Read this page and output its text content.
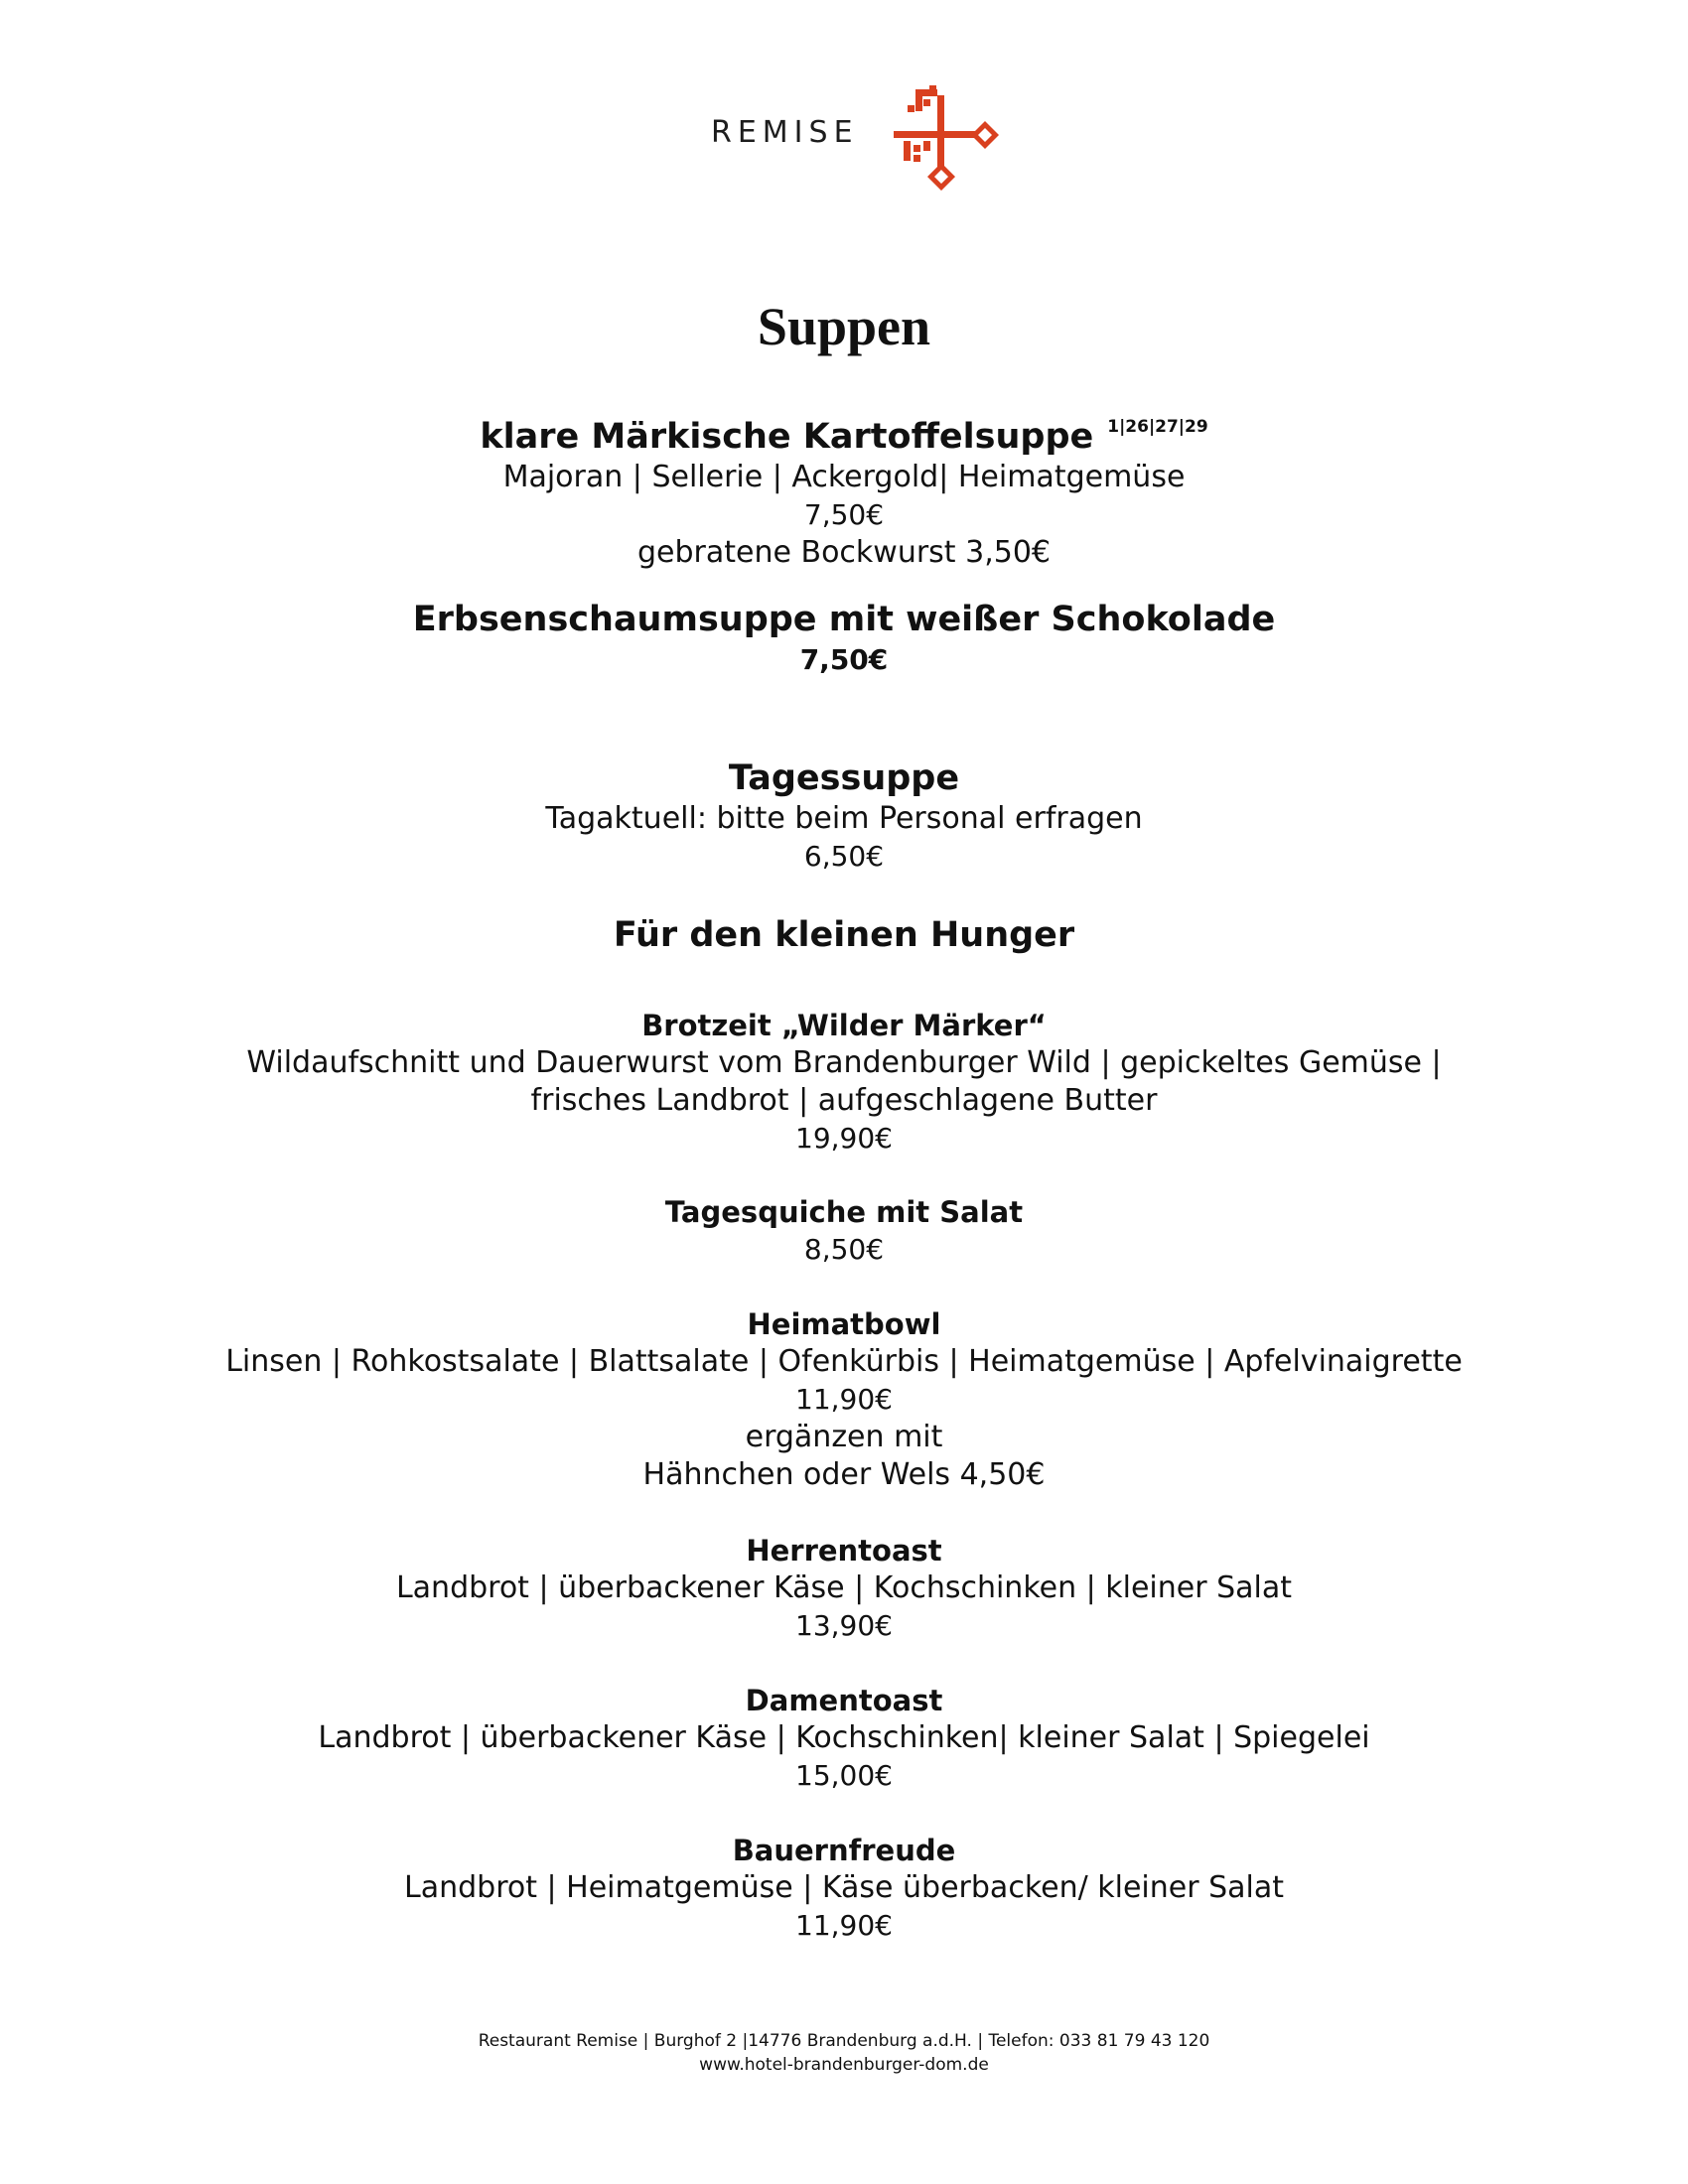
REMISE
Suppen
klare Märkische Kartoffelsuppe $^{1|26|27|29}$
Majoran | Sellerie | Ackergold| Heimatgemüse
7,50€
gebratene Bockwurst 3,50€
Erbsenschaumsuppe mit weißer Schokolade
7,50€
Tagessuppe
Tagaktuell: bitte beim Personal erfragen
6,50€
Für den kleinen Hunger
Brotzeit „Wilder Märker“
Wildaufschnitt und Dauerwurst vom Brandenburger Wild | gepickeltes Gemüse |
frisches Landbrot | aufgeschlagene Butter
19,90€
Tagesquiche mit Salat
8,50€
Heimatbowl
Linsen | Rohkostsalate | Blattsalate | Ofenkürbis | Heimatgemüse | Apfelvinaigrette
11,90€
ergänzen mit
Hähnchen oder Wels 4,50€
Herrentoast
Landbrot | überbackener Käse | Kochschinken | kleiner Salat
13,90€
Damentoast
Landbrot | überbackener Käse | Kochschinken| kleiner Salat | Spiegelei
15,00€
Bauernfreude
Landbrot | Heimatgemüse | Käse überbacken/ kleiner Salat
11,90€
Restaurant Remise | Burghof 2 |14776 Brandenburg a.d.H. | Telefon: 033 81 79 43 120
www.hotel-brandenburger-dom.de
